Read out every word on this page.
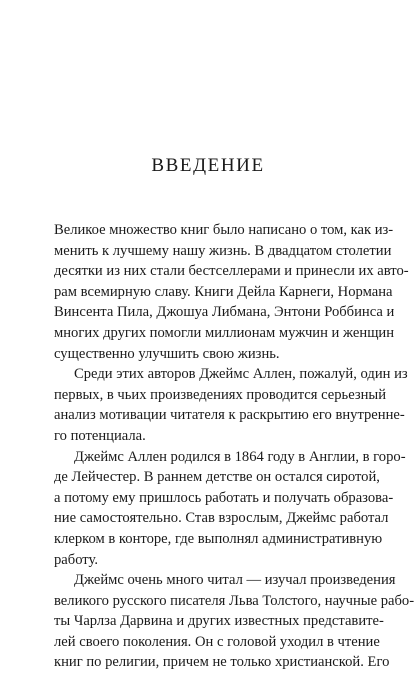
ВВЕДЕНИЕ

Великое множество книг было написано о том, как из-
менить к лучшему нашу жизнь. В двадцатом столетии
десятки из них стали бестселлерами и принесли их авто-
рам всемирную славу. Книги Дейла Карнеги, Нормана
Винсента Пила, Джошуа Либмана, Энтони Роббинса и
многих других помогли миллионам мужчин и женщин
существенно улучшить свою жизнь.

Среди этих авторов Джеймс Аллен, пожалуй, один из
первых, в чьих произведениях проводится серьезный
анализ мотивации читателя к раскрытию его внутренне-
го потенциала.

Джеймс Аллен родился в 1864 году в Англии, в горо-
де Лейчестер. В раннем детстве он остался сиротой,
а потому ему пришлось работать и получать образова-
ние самостоятельно. Став взрослым, Джеймс работал
клерком в конторе, где выполнял административную
работу.

Джеймс очень много читал — изучал произведения
великого русского писателя Льва Толстого, научные рабо-
ты Чарлза Дарвина и других известных представите-
лей своего поколения. Он с головой уходил в чтение
книг по религии, причем не только христианской. Его
